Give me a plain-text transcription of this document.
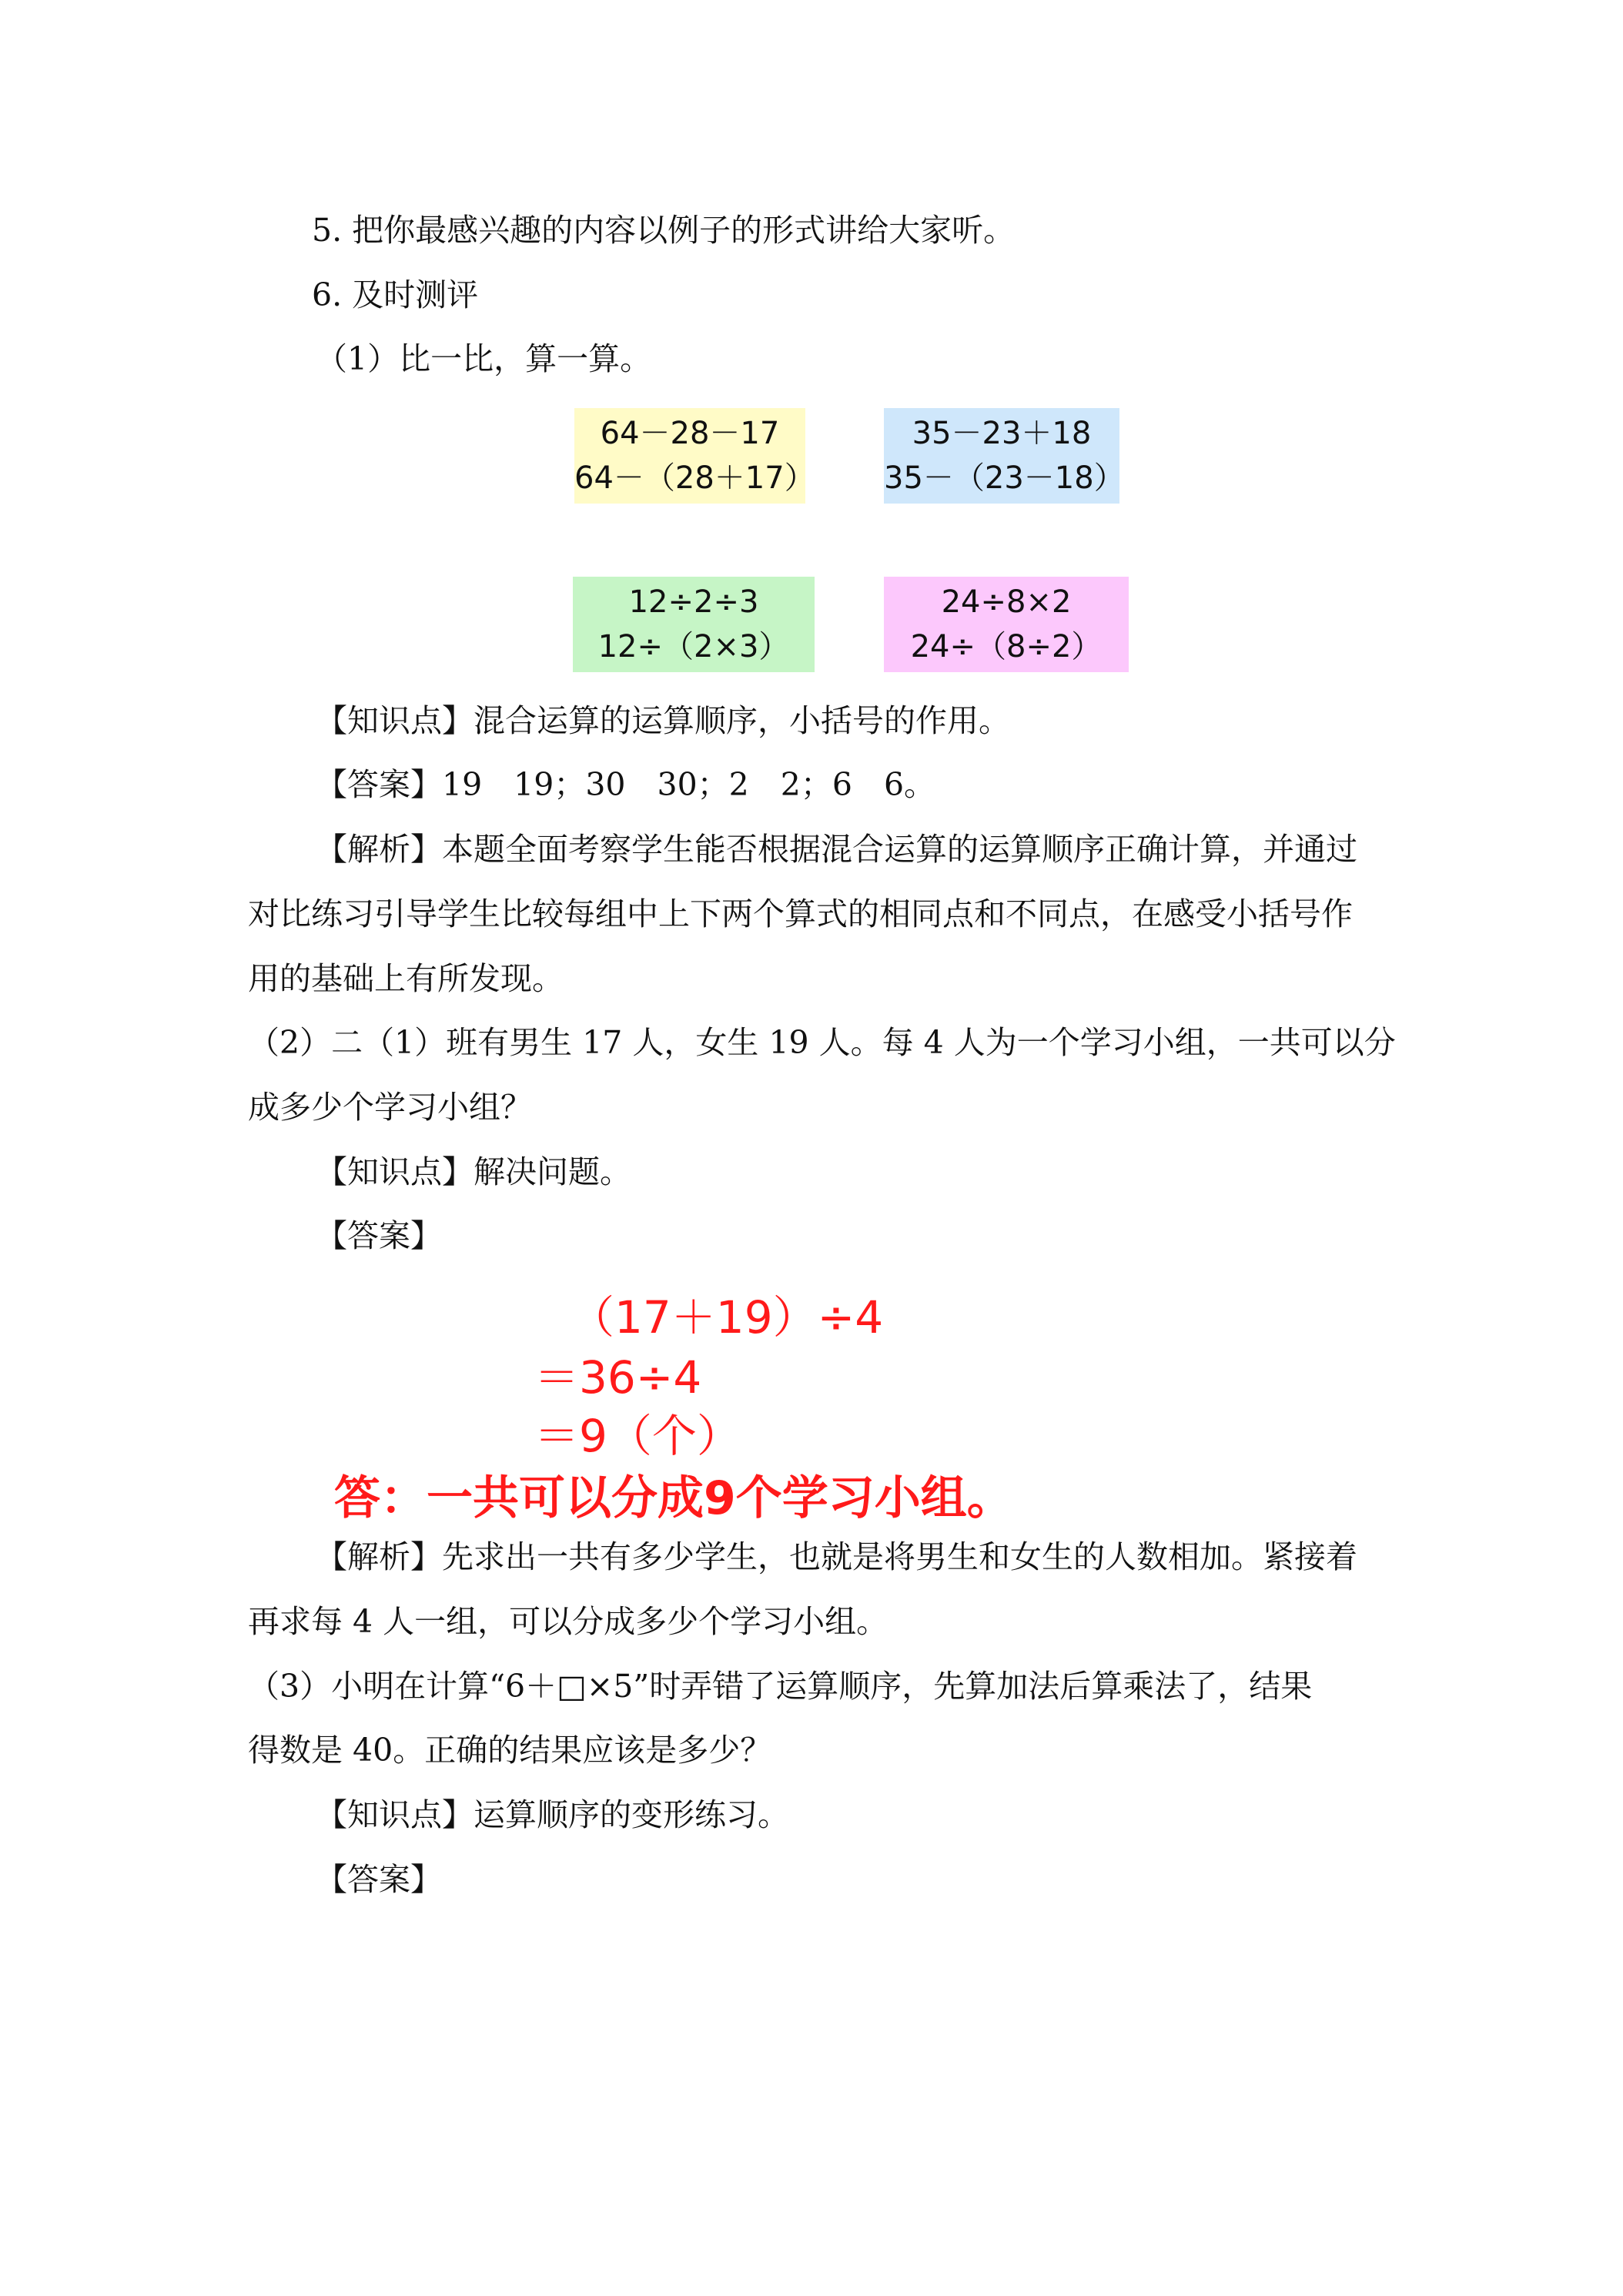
5. 把你最感兴趣的内容以例子的形式讲给大家听。
6. 及时测评
（1）比一比，算一算。
64－28－17
64－（28＋17）
35－23＋18
35－（23－18）
12÷2÷3
12÷（2×3）
24÷8×2
24÷（8÷2）
【知识点】混合运算的运算顺序，小括号的作用。
【答案】19　19；30　30；2　2；6　6。
【解析】本题全面考察学生能否根据混合运算的运算顺序正确计算，并通过
对比练习引导学生比较每组中上下两个算式的相同点和不同点，在感受小括号作
用的基础上有所发现。
（2）二（1）班有男生 17 人，女生 19 人。每 4 人为一个学习小组，一共可以分
成多少个学习小组？
【知识点】解决问题。
【答案】
（17＋19）÷4
＝36÷4
＝9（个）
答：一共可以分成9个学习小组。
【解析】先求出一共有多少学生，也就是将男生和女生的人数相加。紧接着
再求每 4 人一组，可以分成多少个学习小组。
（3）小明在计算“6＋□×5”时弄错了运算顺序，先算加法后算乘法了，结果
得数是 40。正确的结果应该是多少？
【知识点】运算顺序的变形练习。
【答案】
